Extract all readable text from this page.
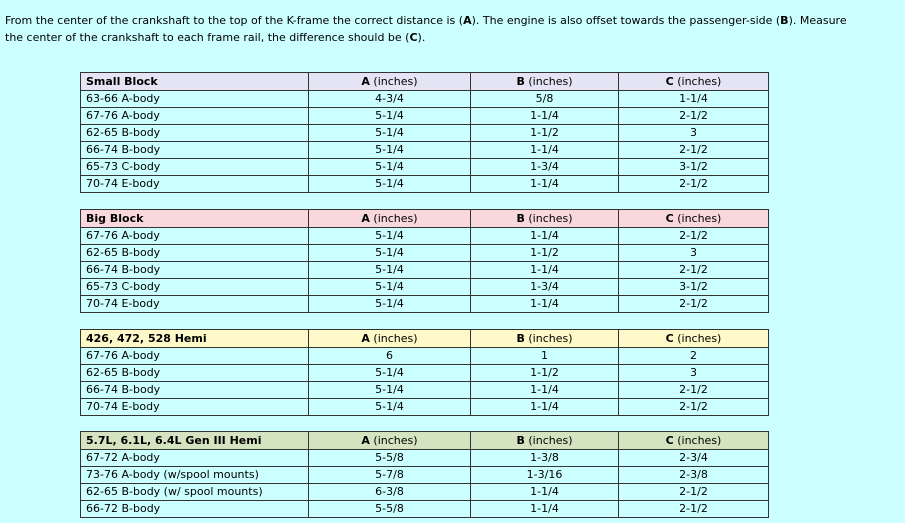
From the center of the crankshaft to the top of the K-frame the correct distance is (A). The engine is also offset towards the passenger-side (B). Measure
the center of the crankshaft to each frame rail, the difference should be (C).
Small Block	A (inches)	B (inches)	C (inches)
63-66 A-body	4-3/4	5/8	1-1/4
67-76 A-body	5-1/4	1-1/4	2-1/2
62-65 B-body	5-1/4	1-1/2	3
66-74 B-body	5-1/4	1-1/4	2-1/2
65-73 C-body	5-1/4	1-3/4	3-1/2
70-74 E-body	5-1/4	1-1/4	2-1/2
Big Block	A (inches)	B (inches)	C (inches)
67-76 A-body	5-1/4	1-1/4	2-1/2
62-65 B-body	5-1/4	1-1/2	3
66-74 B-body	5-1/4	1-1/4	2-1/2
65-73 C-body	5-1/4	1-3/4	3-1/2
70-74 E-body	5-1/4	1-1/4	2-1/2
426, 472, 528 Hemi	A (inches)	B (inches)	C (inches)
67-76 A-body	6	1	2
62-65 B-body	5-1/4	1-1/2	3
66-74 B-body	5-1/4	1-1/4	2-1/2
70-74 E-body	5-1/4	1-1/4	2-1/2
5.7L, 6.1L, 6.4L Gen III Hemi	A (inches)	B (inches)	C (inches)
67-72 A-body	5-5/8	1-3/8	2-3/4
73-76 A-body (w/spool mounts)	5-7/8	1-3/16	2-3/8
62-65 B-body (w/ spool mounts)	6-3/8	1-1/4	2-1/2
66-72 B-body	5-5/8	1-1/4	2-1/2
